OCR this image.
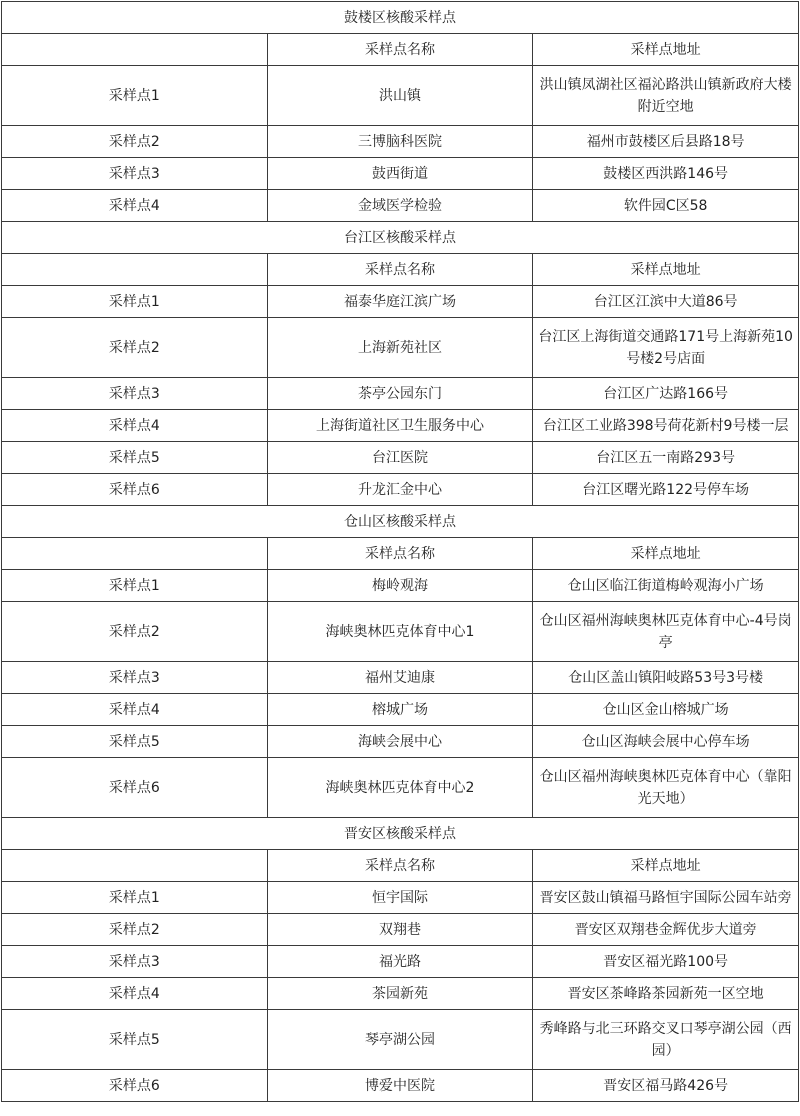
鼓楼区核酸采样点		
	采样点名称	采样点地址
采样点1	洪山镇	洪山镇凤湖社区福沁路洪山镇新政府大楼附近空地
采样点2	三博脑科医院	福州市鼓楼区后县路18号
采样点3	鼓西街道	鼓楼区西洪路146号
采样点4	金域医学检验	软件园C区58
台江区核酸采样点		
	采样点名称	采样点地址
采样点1	福泰华庭江滨广场	台江区江滨中大道86号
采样点2	上海新苑社区	台江区上海街道交通路171号上海新苑10号楼2号店面
采样点3	茶亭公园东门	台江区广达路166号
采样点4	上海街道社区卫生服务中心	台江区工业路398号荷花新村9号楼一层
采样点5	台江医院	台江区五一南路293号
采样点6	升龙汇金中心	台江区曙光路122号停车场
仓山区核酸采样点		
	采样点名称	采样点地址
采样点1	梅岭观海	仓山区临江街道梅岭观海小广场
采样点2	海峡奥林匹克体育中心1	仓山区福州海峡奥林匹克体育中心-4号岗亭
采样点3	福州艾迪康	仓山区盖山镇阳岐路53号3号楼
采样点4	榕城广场	仓山区金山榕城广场
采样点5	海峡会展中心	仓山区海峡会展中心停车场
采样点6	海峡奥林匹克体育中心2	仓山区福州海峡奥林匹克体育中心（靠阳光天地）
晋安区核酸采样点		
	采样点名称	采样点地址
采样点1	恒宇国际	晋安区鼓山镇福马路恒宇国际公园车站旁
采样点2	双翔巷	晋安区双翔巷金辉优步大道旁
采样点3	福光路	晋安区福光路100号
采样点4	茶园新苑	晋安区茶峰路茶园新苑一区空地
采样点5	琴亭湖公园	秀峰路与北三环路交叉口琴亭湖公园（西园）
采样点6	博爱中医院	晋安区福马路426号
